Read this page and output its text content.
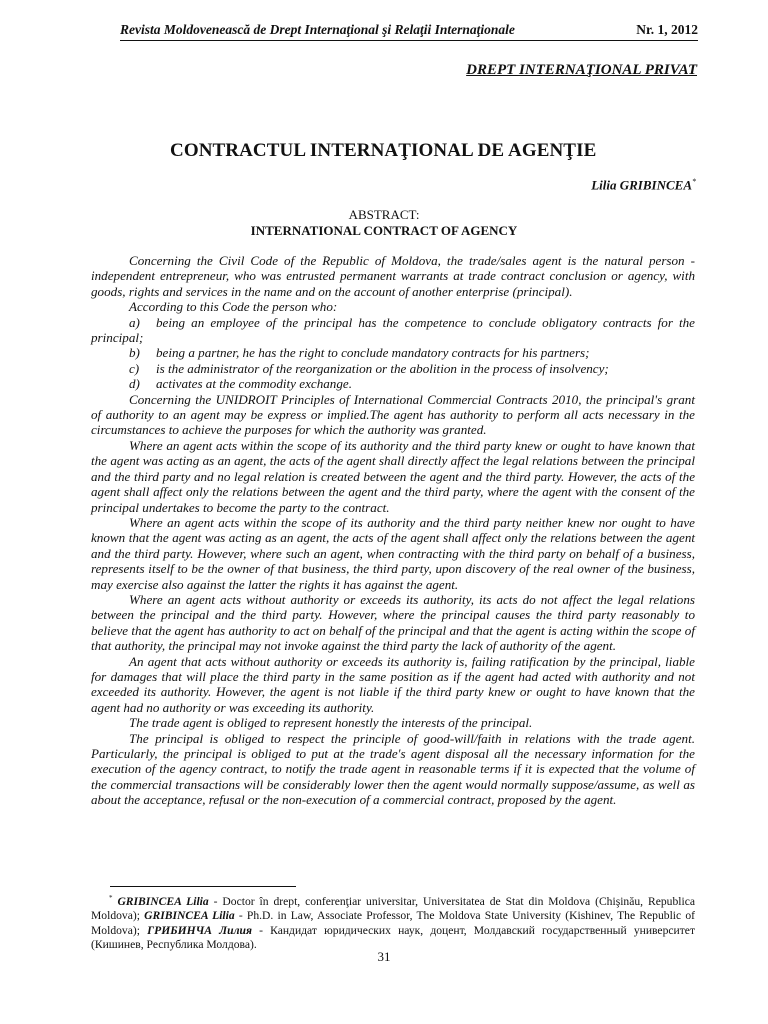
Revista Moldovenească de Drept Internaţional şi Relaţii Internaţionale	Nr. 1, 2012
DREPT INTERNAŢIONAL PRIVAT
CONTRACTUL INTERNAŢIONAL DE AGENŢIE
Lilia GRIBINCEA*
ABSTRACT:
INTERNATIONAL CONTRACT OF AGENCY

Concerning the Civil Code of the Republic of Moldova, the trade/sales agent is the natural person - independent entrepreneur, who was entrusted permanent warrants at trade contract conclusion or agency, with goods, rights and services in the name and on the account of another enterprise (principal).

According to this Code the person who:

a) being an employee of the principal has the competence to conclude obligatory contracts for the principal;

b) being a partner, he has the right to conclude mandatory contracts for his partners;

c) is the administrator of the reorganization or the abolition in the process of insolvency;

d) activates at the commodity exchange.

Concerning the UNIDROIT Principles of International Commercial Contracts 2010, the principal's grant of authority to an agent may be express or implied.The agent has authority to perform all acts necessary in the circumstances to achieve the purposes for which the authority was granted.

Where an agent acts within the scope of its authority and the third party knew or ought to have known that the agent was acting as an agent, the acts of the agent shall directly affect the legal relations between the principal and the third party and no legal relation is created between the agent and the third party. However, the acts of the agent shall affect only the relations between the agent and the third party, where the agent with the consent of the principal undertakes to become the party to the contract.

Where an agent acts within the scope of its authority and the third party neither knew nor ought to have known that the agent was acting as an agent, the acts of the agent shall affect only the relations between the agent and the third party. However, where such an agent, when contracting with the third party on behalf of a business, represents itself to be the owner of that business, the third party, upon discovery of the real owner of the business, may exercise also against the latter the rights it has against the agent.

Where an agent acts without authority or exceeds its authority, its acts do not affect the legal relations between the principal and the third party. However, where the principal causes the third party reasonably to believe that the agent has authority to act on behalf of the principal and that the agent is acting within the scope of that authority, the principal may not invoke against the third party the lack of authority of the agent.

An agent that acts without authority or exceeds its authority is, failing ratification by the principal, liable for damages that will place the third party in the same position as if the agent had acted with authority and not exceeded its authority. However, the agent is not liable if the third party knew or ought to have known that the agent had no authority or was exceeding its authority.

The trade agent is obliged to represent honestly the interests of the principal.

The principal is obliged to respect the principle of good-will/faith in relations with the trade agent. Particularly, the principal is obliged to put at the trade's agent disposal all the necessary information for the execution of the agency contract, to notify the trade agent in reasonable terms if it is expected that the volume of the commercial transactions will be considerably lower then the agent would normally suppose/assume, as well as about the acceptance, refusal or the non-execution of a commercial contract, proposed by the agent.

* GRIBINCEA Lilia - Doctor în drept, conferenţiar universitar, Universitatea de Stat din Moldova (Chişinău, Republica Moldova); GRIBINCEA Lilia - Ph.D. in Law, Associate Professor, The Moldova State University (Kishinev, The Republic of Moldova); ГРИБИНЧА Лилия - Кандидат юридических наук, доцент, Молдавский государственный университет (Кишинев, Республика Молдова).

31
